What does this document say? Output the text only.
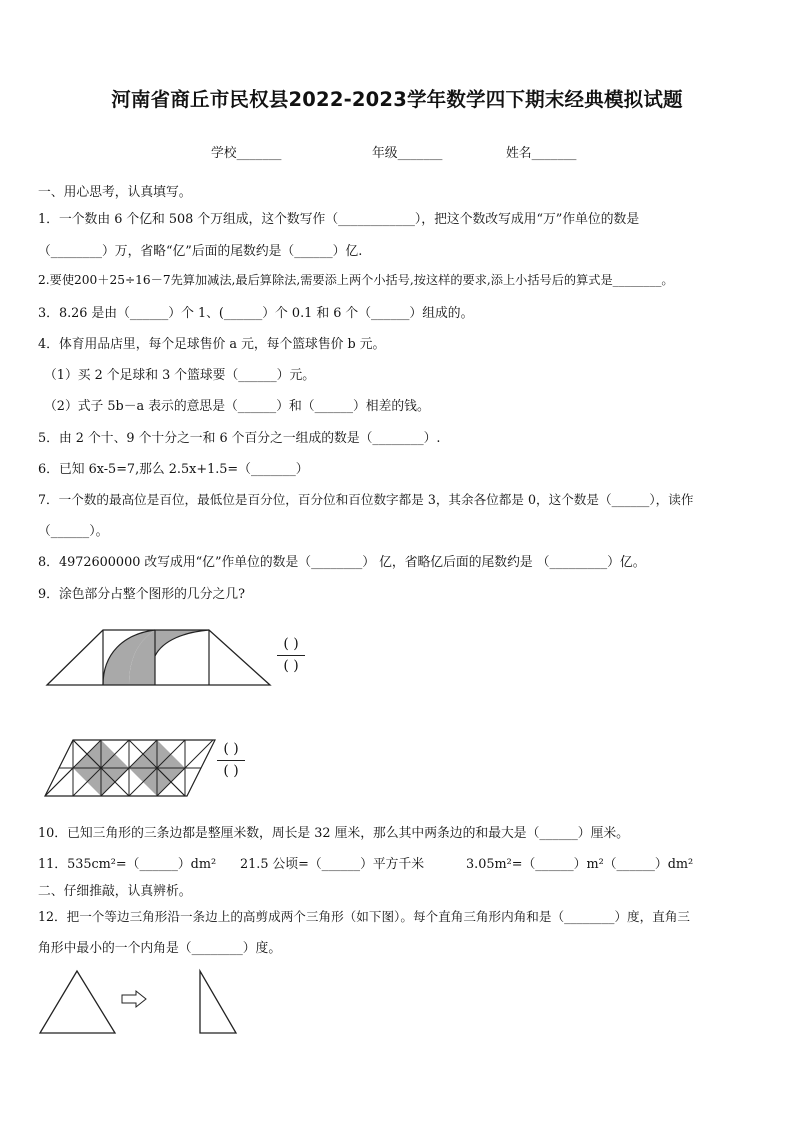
河南省商丘市民权县2022-2023学年数学四下期末经典模拟试题
学校_______	年级_______	姓名_______
一、用心思考，认真填写。
1．一个数由 6 个亿和 508 个万组成，这个数写作（____________），把这个数改写成用“万”作单位的数是
（________）万，省略“亿”后面的尾数约是（______）亿.
2.要使200＋25÷16－7先算加减法,最后算除法,需要添上两个小括号,按这样的要求,添上小括号后的算式是________。
3．8.26 是由（______）个 1、(______）个 0.1 和 6 个（______）组成的。
4．体育用品店里，每个足球售价 a 元，每个篮球售价 b 元。
（1）买 2 个足球和 3 个篮球要（______）元。
（2）式子 5b－a 表示的意思是（______）和（______）相差的钱。
5．由 2 个十、9 个十分之一和 6 个百分之一组成的数是（________）.
6．已知 6x-5=7,那么 2.5x+1.5=（_______）
7．一个数的最高位是百位，最低位是百分位，百分位和百位数字都是 3，其余各位都是 0，这个数是（______），读作
（______）。
8．4972600000 改写成用“亿”作单位的数是（________） 亿，省略亿后面的尾数约是 （_________）亿。
9．涂色部分占整个图形的几分之几?
( )
( )
( )
( )
10．已知三角形的三条边都是整厘米数，周长是 32 厘米，那么其中两条边的和最大是（______）厘米。
11．535cm²=（______）dm² 21.5 公顷=（______）平方千米	3.05m²=（______）m²（______）dm²
二、仔细推敲，认真辨析。
12．把一个等边三角形沿一条边上的高剪成两个三角形（如下图）。每个直角三角形内角和是（________）度，直角三
角形中最小的一个内角是（________）度。
